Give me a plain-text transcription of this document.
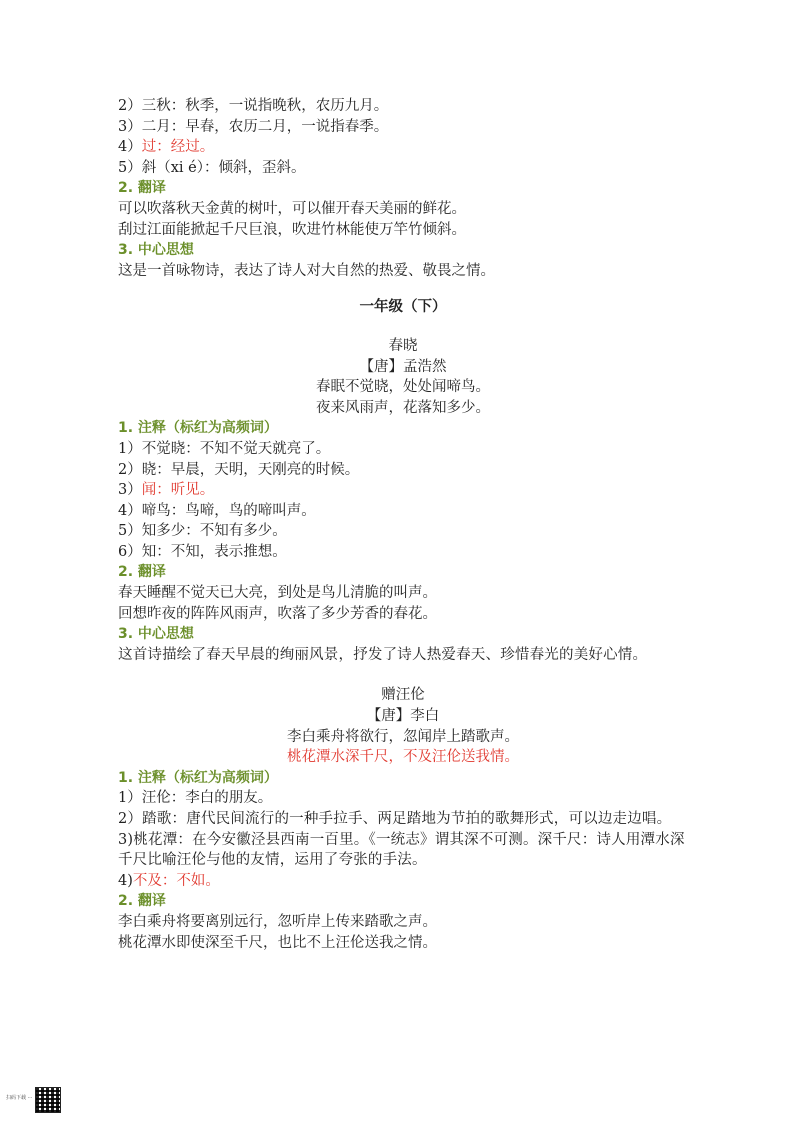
2）三秋：秋季，一说指晚秋，农历九月。
3）二月：早春，农历二月，一说指春季。
4）过：经过。
5）斜（xi é）：倾斜，歪斜。
2. 翻译
可以吹落秋天金黄的树叶，可以催开春天美丽的鲜花。
刮过江面能掀起千尺巨浪，吹进竹林能使万竿竹倾斜。
3. 中心思想
这是一首咏物诗，表达了诗人对大自然的热爱、敬畏之情。
一年级（下）
春晓
【唐】孟浩然
春眠不觉晓，处处闻啼鸟。
夜来风雨声，花落知多少。
1. 注释（标红为高频词）
1）不觉晓：不知不觉天就亮了。
2）晓：早晨，天明，天刚亮的时候。
3）闻：听见。
4）啼鸟：鸟啼，鸟的啼叫声。
5）知多少：不知有多少。
6）知：不知，表示推想。
2. 翻译
春天睡醒不觉天已大亮，到处是鸟儿清脆的叫声。
回想昨夜的阵阵风雨声，吹落了多少芳香的春花。
3. 中心思想
这首诗描绘了春天早晨的绚丽风景，抒发了诗人热爱春天、珍惜春光的美好心情。
赠汪伦
【唐】李白
李白乘舟将欲行，忽闻岸上踏歌声。
桃花潭水深千尺，不及汪伦送我情。
1. 注释（标红为高频词）
1）汪伦：李白的朋友。
2）踏歌：唐代民间流行的一种手拉手、两足踏地为节拍的歌舞形式，可以边走边唱。
3)桃花潭：在今安徽泾县西南一百里。《一统志》谓其深不可测。深千尺：诗人用潭水深千尺比喻汪伦与他的友情，运用了夸张的手法。
4)不及：不如。
2. 翻译
李白乘舟将要离别远行，忽听岸上传来踏歌之声。
桃花潭水即使深至千尺，也比不上汪伦送我之情。
扫码下载 ⋯
